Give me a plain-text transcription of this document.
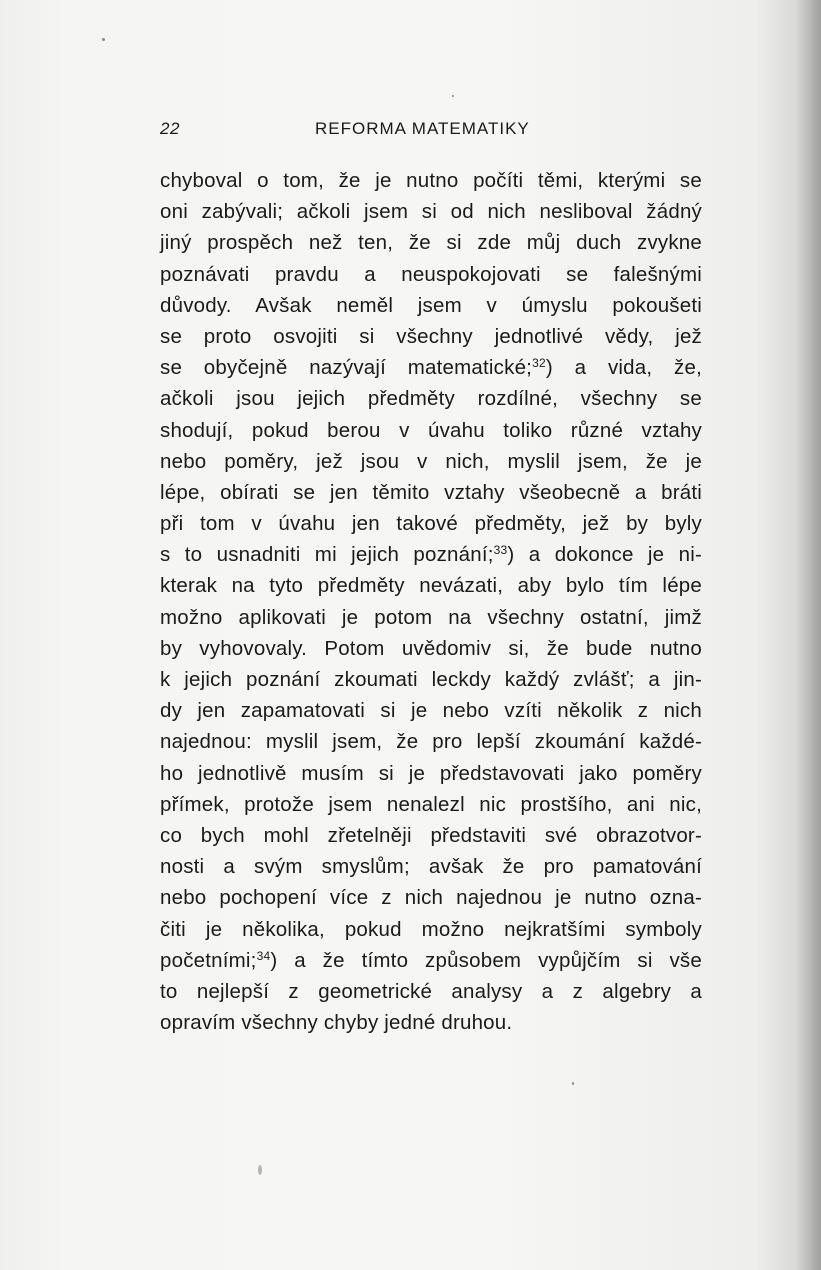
22	REFORMA MATEMATIKY
chyboval o tom, že je nutno počíti těmi, kterými se
oni zabývali; ačkoli jsem si od nich nesliboval žádný
jiný prospěch než ten, že si zde můj duch zvykne
poznávati pravdu a neuspokojovati se falešnými
důvody. Avšak neměl jsem v úmyslu pokoušeti
se proto osvojiti si všechny jednotlivé vědy, jež
se obyčejně nazývají matematické;$^{32}$) a vida, že,
ačkoli jsou jejich předměty rozdílné, všechny se
shodují, pokud berou v úvahu toliko různé vztahy
nebo poměry, jež jsou v nich, myslil jsem, že je
lépe, obírati se jen těmito vztahy všeobecně a bráti
při tom v úvahu jen takové předměty, jež by byly
s to usnadniti mi jejich poznání;$^{33}$) a dokonce je ni-
kterak na tyto předměty nevázati, aby bylo tím lépe
možno aplikovati je potom na všechny ostatní, jimž
by vyhovovaly. Potom uvědomiv si, že bude nutno
k jejich poznání zkoumati leckdy každý zvlášť; a jin-
dy jen zapamatovati si je nebo vzíti několik z nich
najednou: myslil jsem, že pro lepší zkoumání každé-
ho jednotlivě musím si je představovati jako poměry
přímek, protože jsem nenalezl nic prostšího, ani nic,
co bych mohl zřetelněji představiti své obrazotvor-
nosti a svým smyslům; avšak že pro pamatování
nebo pochopení více z nich najednou je nutno ozna-
čiti je několika, pokud možno nejkratšími symboly
početními;$^{34}$) a že tímto způsobem vypůjčím si vše
to nejlepší z geometrické analysy a z algebry a
opravím všechny chyby jedné druhou.
